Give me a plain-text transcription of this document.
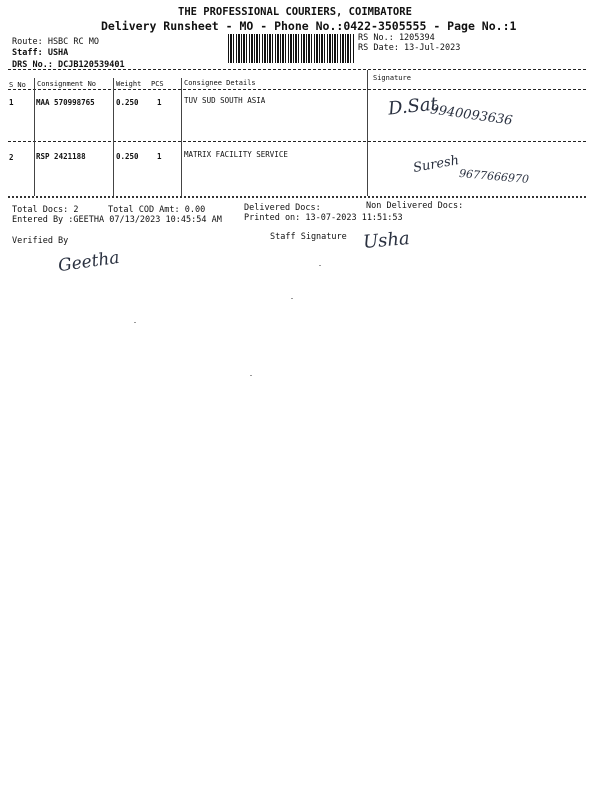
THE PROFESSIONAL COURIERS, COIMBATORE
Delivery Runsheet - MO - Phone No.:0422-3505555 - Page No.:1
Route: HSBC RC MO
Staff: USHA
DRS No.: DCJB120539401
RS No.: 1205394
RS Date: 13-Jul-2023
S No Consignment No	Weight PCS	Consignee Details
Signature
1	MAA 570998765	0.250 1	TUV SUD SOUTH ASIA	D.Sat
9940093636
2	RSP 2421188	0.250 1	MATRIX FACILITY SERVICE	Suresh
9677666970
Total Docs: 2	Total COD Amt: 0.00	Delivered Docs:	Non Delivered Docs:
Entered By :GEETHA 07/13/2023 10:45:54 AM	Printed on: 13-07-2023 11:51:53
Verified By
Geetha
Staff Signature Usha
